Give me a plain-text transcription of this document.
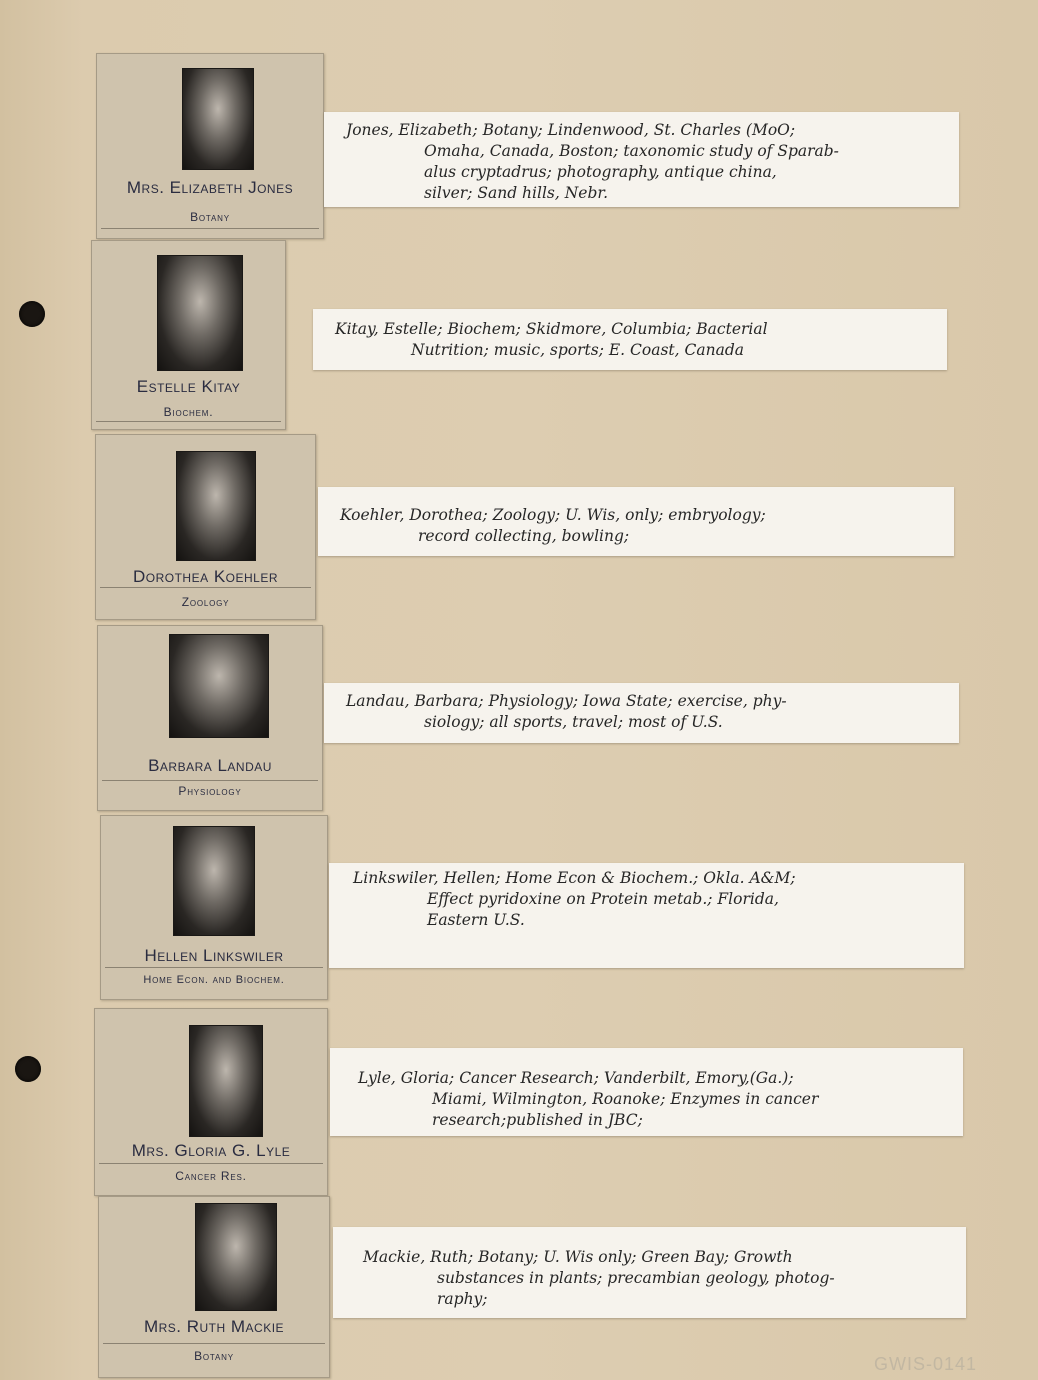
Mrs. Elizabeth Jones
Botany
Jones, Elizabeth; Botany; Lindenwood, St. Charles (MoO;
Omaha, Canada, Boston; taxonomic study of Sparab-
alus cryptadrus; photography, antique china,
silver; Sand hills, Nebr.
Estelle Kitay
Biochem.
Kitay, Estelle; Biochem; Skidmore, Columbia; Bacterial
Nutrition; music, sports; E. Coast, Canada
Dorothea Koehler
Zoology
Koehler, Dorothea; Zoology; U. Wis, only; embryology;
record collecting, bowling;
Barbara Landau
Physiology
Landau, Barbara; Physiology; Iowa State; exercise, phy-
siology; all sports, travel; most of U.S.
Hellen Linkswiler
Home Econ. and Biochem.
Linkswiler, Hellen; Home Econ & Biochem.; Okla. A&M;
Effect pyridoxine on Protein metab.; Florida,
Eastern U.S.
Mrs. Gloria G. Lyle
Cancer Res.
Lyle, Gloria; Cancer Research; Vanderbilt, Emory,(Ga.);
Miami, Wilmington, Roanoke; Enzymes in cancer
research;published in JBC;
Mrs. Ruth Mackie
Botany
Mackie, Ruth; Botany; U. Wis only; Green Bay; Growth
substances in plants; precambian geology, photog-
raphy;
GWIS-0141
